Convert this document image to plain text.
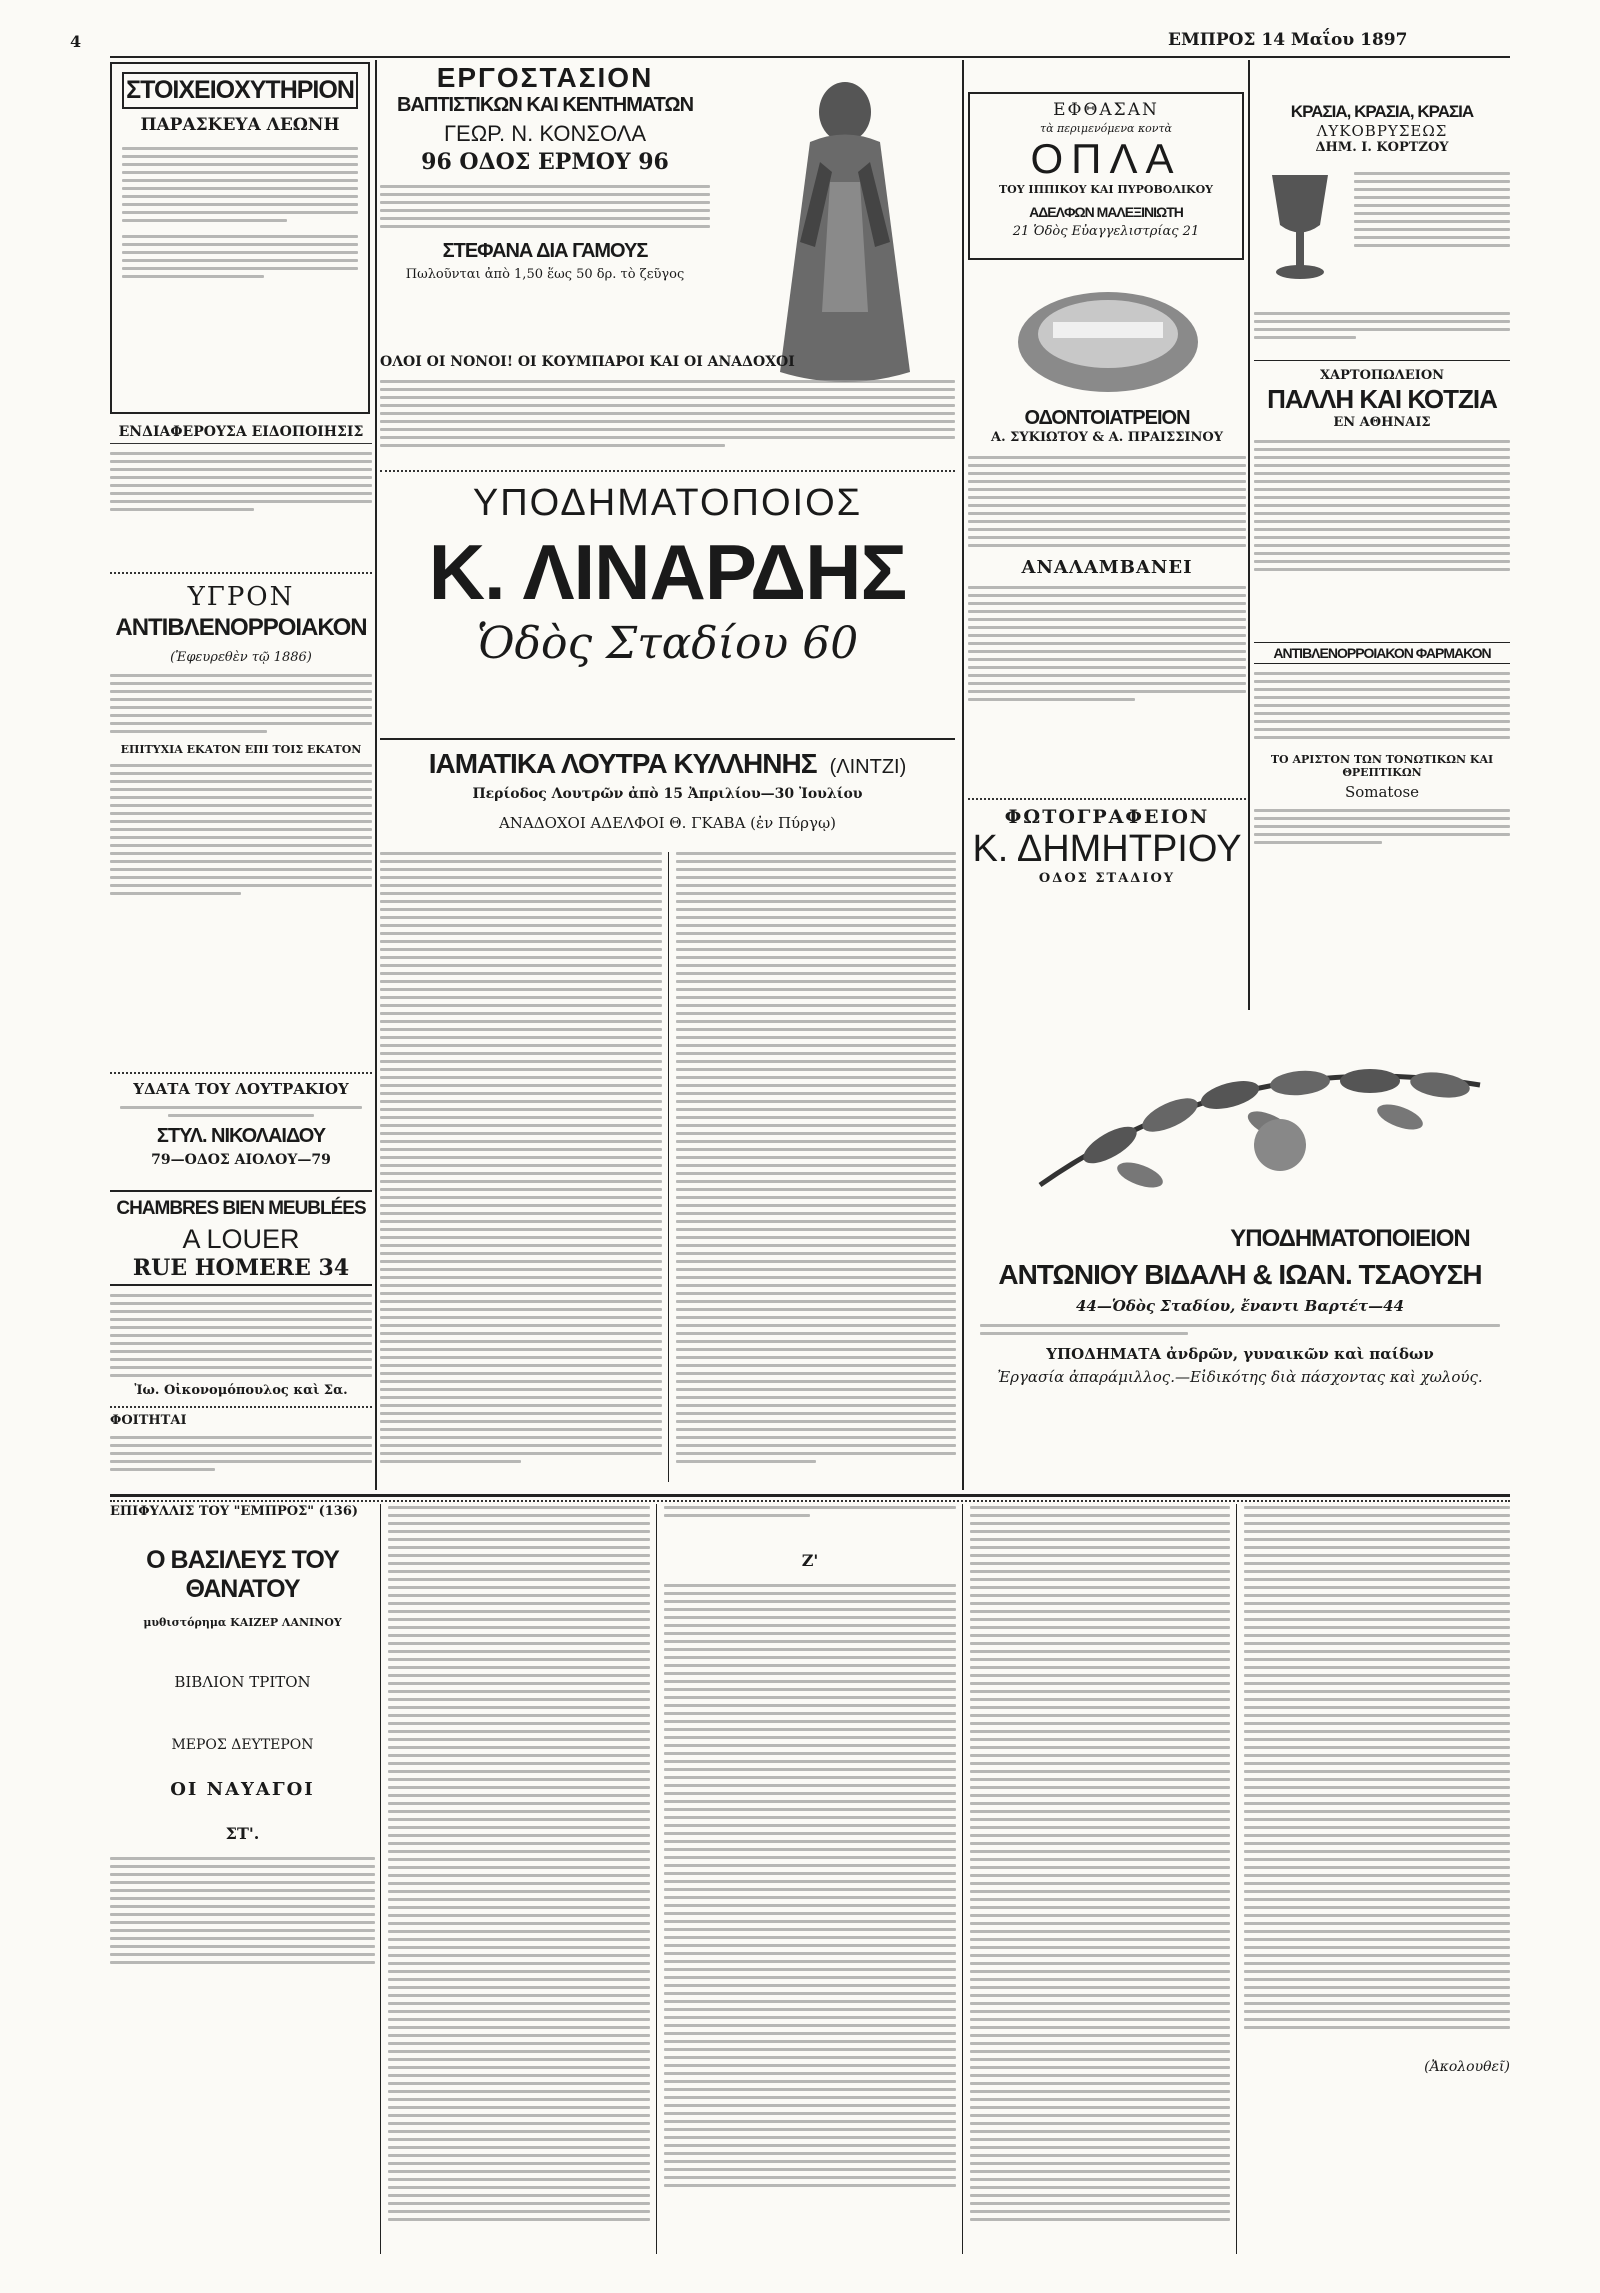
4	ΕΜΠΡΟΣ 14 Μαΐου 1897
ΣΤΟΙΧΕΙΟΧΥΤΗΡΙΟΝ
ΠΑΡΑΣΚΕΥΑ ΛΕΩΝΗ
ΕΝΔΙΑΦΕΡΟΥΣΑ ΕΙΔΟΠΟΙΗΣΙΣ
ΥΓΡΟΝ
ΑΝΤΙΒΛΕΝΟΡΡΟΙΑΚΟΝ
(Ἐφευρεθὲν τῷ 1886)
ΕΠΙΤΥΧΙΑ ΕΚΑΤΟΝ ΕΠΙ ΤΟΙΣ ΕΚΑΤΟΝ
ΥΔΑΤΑ ΤΟΥ ΛΟΥΤΡΑΚΙΟΥ
ΣΤΥΛ. ΝΙΚΟΛΑΙΔΟΥ
79—ΟΔΟΣ ΑΙΟΛΟΥ—79
CHAMBRES BIEN MEUBLÉES
A LOUER
RUE HOMERE 34
Ἰω. Οἰκονομόπουλος καὶ Σα.
ΦΟΙΤΗΤΑΙ
ΕΡΓΟΣΤΑΣΙΟΝ
ΒΑΠΤΙΣΤΙΚΩΝ ΚΑΙ ΚΕΝΤΗΜΑΤΩΝ
ΓΕΩΡ. Ν. ΚΟΝΣΟΛΑ
96 ΟΔΟΣ ΕΡΜΟΥ 96
ΣΤΕΦΑΝΑ ΔΙΑ ΓΑΜΟΥΣ
Πωλοῦνται ἀπὸ 1,50 ἕως 50 δρ. τὸ ζεῦγος
ΟΛΟΙ ΟΙ ΝΟΝΟΙ! ΟΙ ΚΟΥΜΠΑΡΟΙ ΚΑΙ ΟΙ ΑΝΑΔΟΧΟΙ
ΥΠΟΔΗΜΑΤΟΠΟΙΟΣ
Κ. ΛΙΝΑΡΔΗΣ
Ὁδὸς Σταδίου 60
ΙΑΜΑΤΙΚΑ ΛΟΥΤΡΑ ΚΥΛΛΗΝΗΣ (ΛΙΝΤΖΙ)
Περίοδος Λουτρῶν ἀπὸ 15 Ἀπριλίου—30 Ἰουλίου
ΑΝΑΔΟΧΟΙ ΑΔΕΛΦΟΙ Θ. ΓΚΑΒΑ (ἐν Πύργῳ)
ΕΦΘΑΣΑΝ
τὰ περιμενόμενα κοντὰ
ΟΠΛΑ
ΤΟΥ ΙΠΠΙΚΟΥ ΚΑΙ ΠΥΡΟΒΟΛΙΚΟΥ
ΑΔΕΛΦΩΝ ΜΑΛΕΞΙΝΙΩΤΗ
21 Ὁδὸς Εὐαγγελιστρίας 21
ΟΔΟΝΤΟΙΑΤΡΕΙΟΝ
Α. ΣΥΚΙΩΤΟΥ & Α. ΠΡΑΙΣΣΙΝΟΥ
ΑΝΑΛΑΜΒΑΝΕΙ
ΦΩΤΟΓΡΑΦΕΙΟΝ
Κ. ΔΗΜΗΤΡΙΟΥ
ΟΔΟΣ ΣΤΑΔΙΟΥ
ΚΡΑΣΙΑ, ΚΡΑΣΙΑ, ΚΡΑΣΙΑ
ΛΥΚΟΒΡΥΣΕΩΣ
ΔΗΜ. Ι. ΚΟΡΤΖΟΥ
ΧΑΡΤΟΠΩΛΕΙΟΝ
ΠΑΛΛΗ ΚΑΙ ΚΟΤΖΙΑ
ΕΝ ΑΘΗΝΑΙΣ
ΑΝΤΙΒΛΕΝΟΡΡΟΙΑΚΟΝ ΦΑΡΜΑΚΟΝ
ΤΟ ΑΡΙΣΤΟΝ ΤΩΝ ΤΟΝΩΤΙΚΩΝ ΚΑΙ ΘΡΕΠΤΙΚΩΝ
Somatose
ΥΠΟΔΗΜΑΤΟΠΟΙΕΙΟΝ
ΑΝΤΩΝΙΟΥ ΒΙΔΑΛΗ & ΙΩΑΝ. ΤΣΑΟΥΣΗ
44—Ὁδὸς Σταδίου, ἔναντι Βαρτέτ—44
ΥΠΟΔΗΜΑΤΑ ἀνδρῶν, γυναικῶν καὶ παίδων
Ἐργασία ἀπαράμιλλος.—Εἰδικότης διὰ πάσχοντας καὶ χωλούς.
ΕΠΙΦΥΛΛΙΣ ΤΟΥ "ΕΜΠΡΟΣ" (136)
Ο ΒΑΣΙΛΕΥΣ ΤΟΥ ΘΑΝΑΤΟΥ
μυθιστόρημα ΚΑΙΖΕΡ ΛΑΝΙΝΟΥ
ΒΙΒΛΙΟΝ ΤΡΙΤΟΝ
ΜΕΡΟΣ ΔΕΥΤΕΡΟΝ
ΟΙ ΝΑΥΑΓΟΙ
ΣΤ'.
Ζ'
(Ἀκολουθεῖ)
